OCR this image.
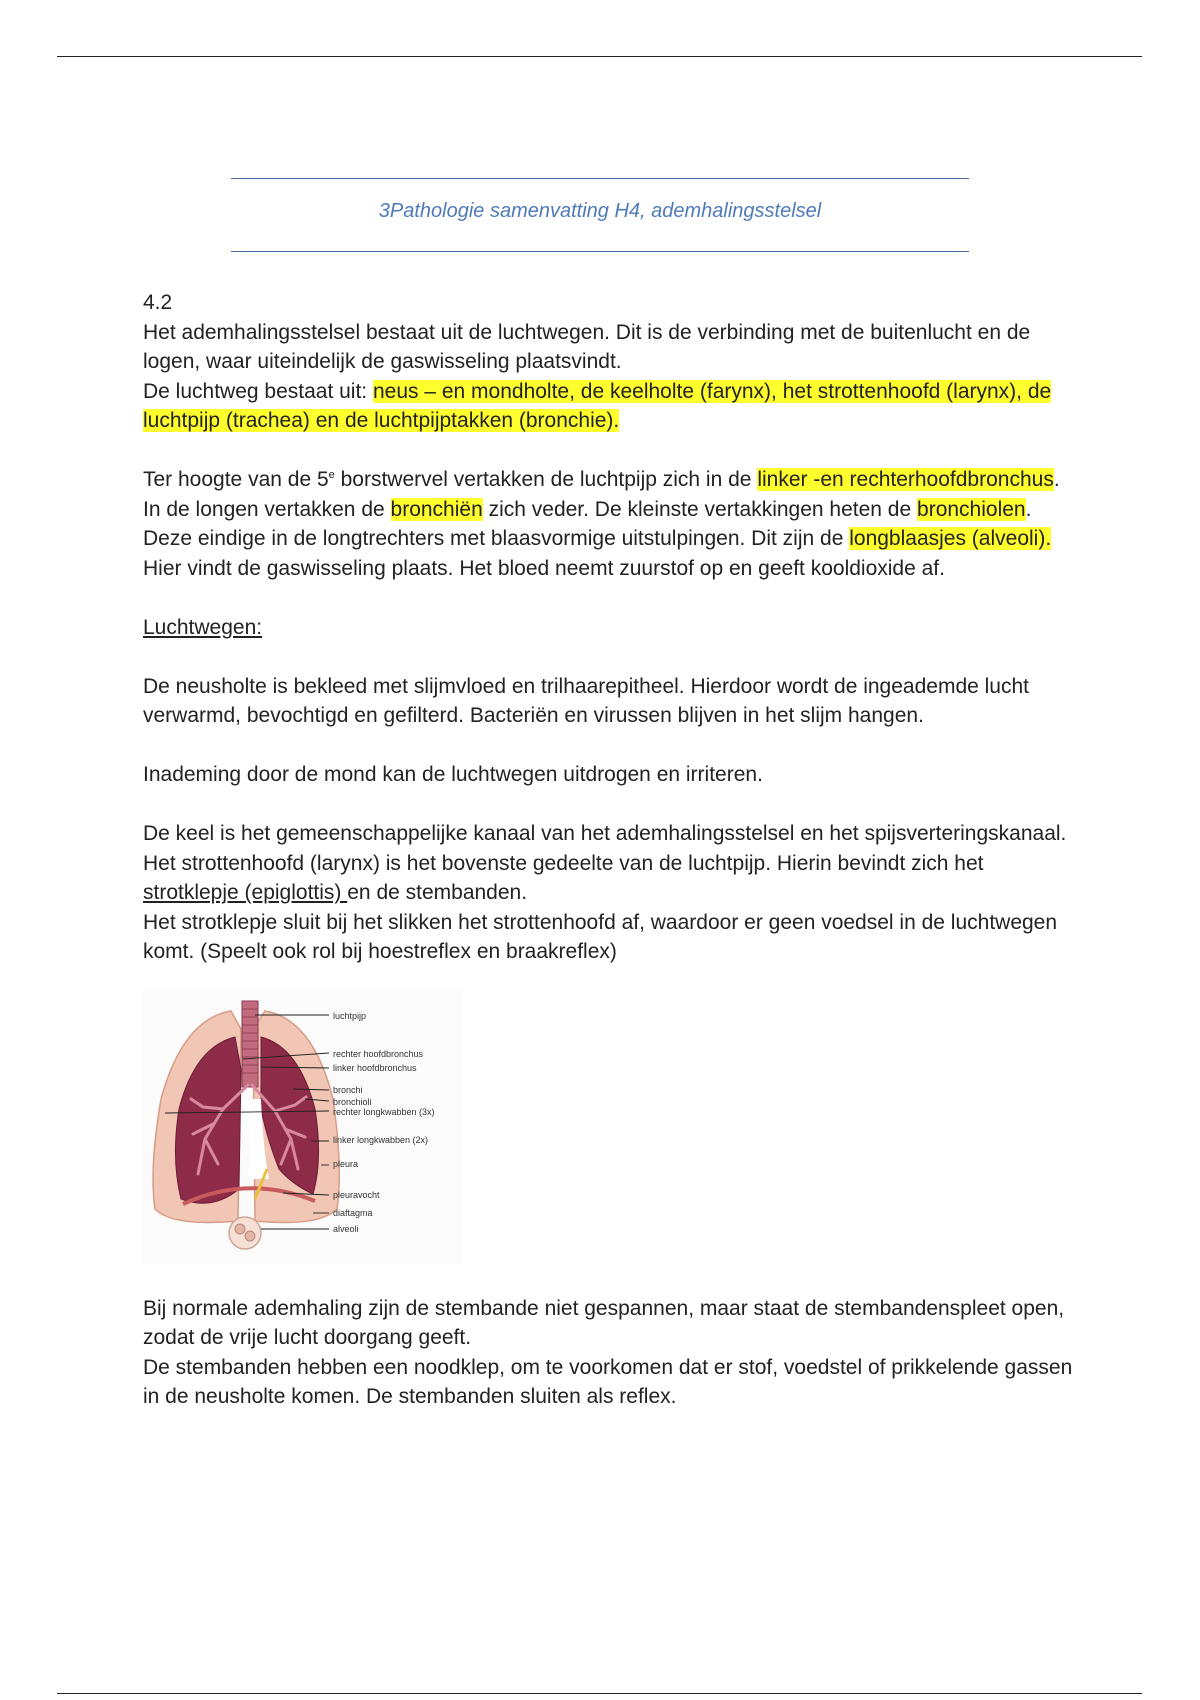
3Pathologie samenvatting H4, ademhalingsstelsel

4.2

Het ademhalingsstelsel bestaat uit de luchtwegen. Dit is de verbinding met de buitenlucht en de logen, waar uiteindelijk de gaswisseling plaatsvindt.

De luchtweg bestaat uit: neus – en mondholte, de keelholte (farynx), het strottenhoofd (larynx), de luchtpijp (trachea) en de luchtpijptakken (bronchie).

Ter hoogte van de 5e borstwervel vertakken de luchtpijp zich in de linker -en rechterhoofdbronchus. In de longen vertakken de bronchiën zich veder. De kleinste vertakkingen heten de bronchiolen. Deze eindige in de longtrechters met blaasvormige uitstulpingen. Dit zijn de longblaasjes (alveoli). Hier vindt de gaswisseling plaats. Het bloed neemt zuurstof op en geeft kooldioxide af.

Luchtwegen:

De neusholte is bekleed met slijmvloed en trilhaarepitheel. Hierdoor wordt de ingeademde lucht verwarmd, bevochtigd en gefilterd. Bacteriën en virussen blijven in het slijm hangen.

Inademing door de mond kan de luchtwegen uitdrogen en irriteren.

De keel is het gemeenschappelijke kanaal van het ademhalingsstelsel en het spijsverteringskanaal.

Het strottenhoofd (larynx) is het bovenste gedeelte van de luchtpijp. Hierin bevindt zich het strotklepje (epiglottis) en de stembanden.

Het strotklepje sluit bij het slikken het strottenhoofd af, waardoor er geen voedsel in de luchtwegen komt. (Speelt ook rol bij hoestreflex en braakreflex)

luchtpijp
rechter hoofdbronchus
linker hoofdbronchus
bronchi
bronchioli
rechter longkwabben (3x)
linker longkwabben (2x)
pleura
pleuravocht
diaftagma
alveoli

Bij normale ademhaling zijn de stembande niet gespannen, maar staat de stembandenspleet open, zodat de vrije lucht doorgang geeft.

De stembanden hebben een noodklep, om te voorkomen dat er stof, voedstel of prikkelende gassen in de neusholte komen. De stembanden sluiten als reflex.
